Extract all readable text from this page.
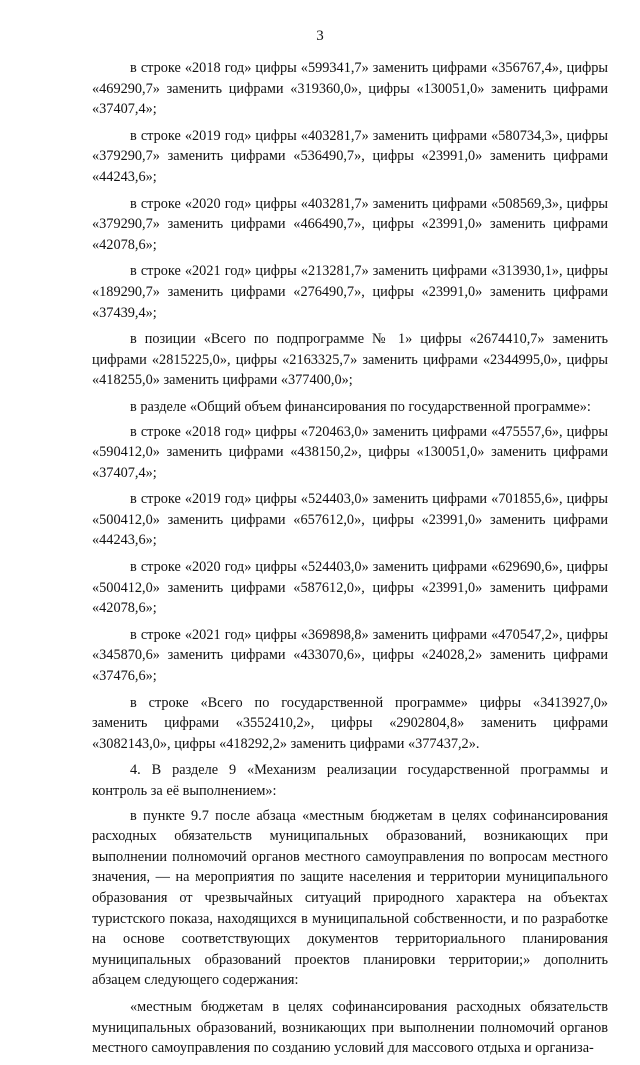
3

в строке «2018 год» цифры «599341,7» заменить цифрами «356767,4», цифры «469290,7» заменить цифрами «319360,0», цифры «130051,0» заменить цифрами «37407,4»;

в строке «2019 год» цифры «403281,7» заменить цифрами «580734,3», цифры «379290,7» заменить цифрами «536490,7», цифры «23991,0» заменить цифрами «44243,6»;

в строке «2020 год» цифры «403281,7» заменить цифрами «508569,3», цифры «379290,7» заменить цифрами «466490,7», цифры «23991,0» заменить цифрами «42078,6»;

в строке «2021 год» цифры «213281,7» заменить цифрами «313930,1», цифры «189290,7» заменить цифрами «276490,7», цифры «23991,0» заменить цифрами «37439,4»;

в позиции «Всего по подпрограмме № 1» цифры «2674410,7» заменить цифрами «2815225,0», цифры «2163325,7» заменить цифрами «2344995,0», цифры «418255,0» заменить цифрами «377400,0»;

в разделе «Общий объем финансирования по государственной программе»:

в строке «2018 год» цифры «720463,0» заменить цифрами «475557,6», цифры «590412,0» заменить цифрами «438150,2», цифры «130051,0» заменить цифрами «37407,4»;

в строке «2019 год» цифры «524403,0» заменить цифрами «701855,6», цифры «500412,0» заменить цифрами «657612,0», цифры «23991,0» заменить цифрами «44243,6»;

в строке «2020 год» цифры «524403,0» заменить цифрами «629690,6», цифры «500412,0» заменить цифрами «587612,0», цифры «23991,0» заменить цифрами «42078,6»;

в строке «2021 год» цифры «369898,8» заменить цифрами «470547,2», цифры «345870,6» заменить цифрами «433070,6», цифры «24028,2» заменить цифрами «37476,6»;

в строке «Всего по государственной программе» цифры «3413927,0» заменить цифрами «3552410,2», цифры «2902804,8» заменить цифрами «3082143,0», цифры «418292,2» заменить цифрами «377437,2».

4. В разделе 9 «Механизм реализации государственной программы и контроль за её выполнением»:

в пункте 9.7 после абзаца «местным бюджетам в целях софинансирования расходных обязательств муниципальных образований, возникающих при выполнении полномочий органов местного самоуправления по вопросам местного значения, — на мероприятия по защите населения и территории муниципального образования от чрезвычайных ситуаций природного характера на объектах туристского показа, находящихся в муниципальной собственности, и по разработке на основе соответствующих документов территориального планирования муниципальных образований проектов планировки территории;» дополнить абзацем следующего содержания:

«местным бюджетам в целях софинансирования расходных обязательств муниципальных образований, возникающих при выполнении полномочий органов местного самоуправления по созданию условий для массового отдыха и организа-
